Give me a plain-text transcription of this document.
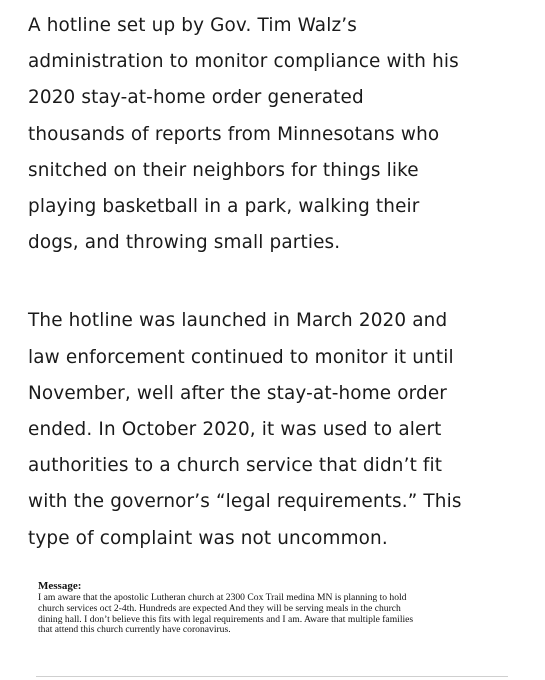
A hotline set up by Gov. Tim Walz’s
administration to monitor compliance with his
2020 stay-at-home order generated
thousands of reports from Minnesotans who
snitched on their neighbors for things like
playing basketball in a park, walking their
dogs, and throwing small parties.

The hotline was launched in March 2020 and
law enforcement continued to monitor it until
November, well after the stay-at-home order
ended. In October 2020, it was used to alert
authorities to a church service that didn’t fit
with the governor’s “legal requirements.” This
type of complaint was not uncommon.

Message:

I am aware that the apostolic Lutheran church at 2300 Cox Trail medina MN is planning to hold
church services oct 2-4th. Hundreds are expected And they will be serving meals in the church
dining hall. I don’t believe this fits with legal requirements and I am. Aware that multiple families
that attend this church currently have coronavirus.
